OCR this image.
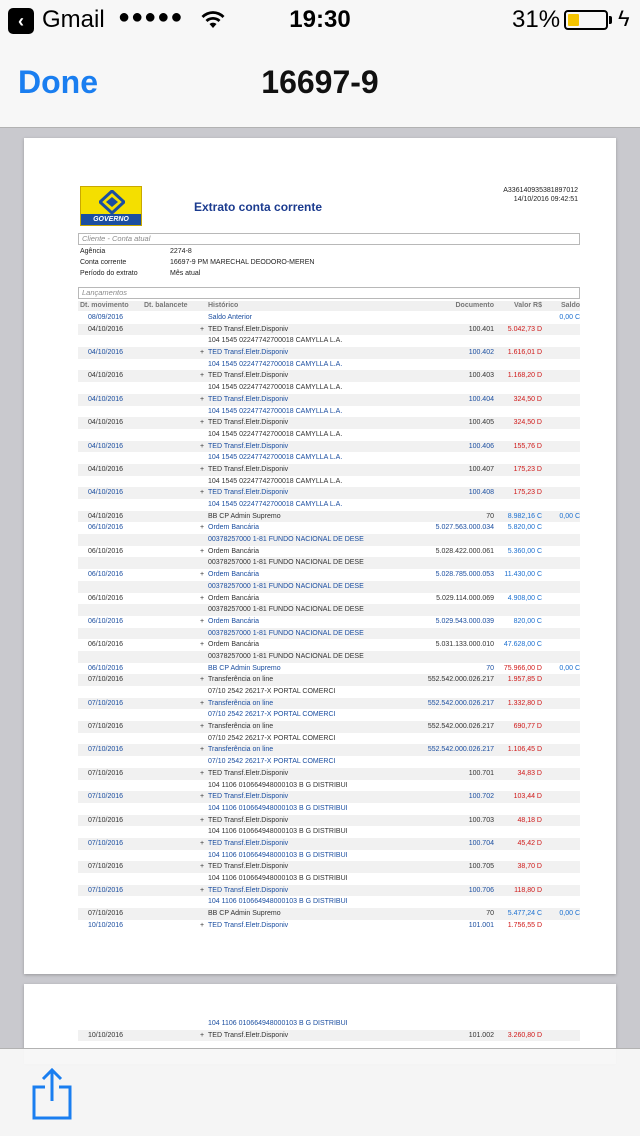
‹ Gmail ●●●●●	19:30	31%	ϟ
Done	16697-9
GOVERNO
Extrato conta corrente
A336140935381897012
14/10/2016 09:42:51
Cliente - Conta atual
Agência	2274-8
Conta corrente	16697-9 PM MARECHAL DEODORO-MEREN
Período do extrato	Mês atual
Lançamentos
Dt. movimento Dt. balancete	Histórico	Documento	Valor R$	Saldo
08/09/2016	Saldo Anterior	0,00 C
04/10/2016	+ TED Transf.Eletr.Disponiv	100.401 5.042,73 D
104 1545 02247742700018 CAMYLLA L.A.
04/10/2016	+ TED Transf.Eletr.Disponiv	100.402 1.616,01 D
104 1545 02247742700018 CAMYLLA L.A.
04/10/2016	+ TED Transf.Eletr.Disponiv	100.403 1.168,20 D
104 1545 02247742700018 CAMYLLA L.A.
04/10/2016	+ TED Transf.Eletr.Disponiv	100.404	324,50 D
104 1545 02247742700018 CAMYLLA L.A.
04/10/2016	+ TED Transf.Eletr.Disponiv	100.405	324,50 D
104 1545 02247742700018 CAMYLLA L.A.
04/10/2016	+ TED Transf.Eletr.Disponiv	100.406	155,76 D
104 1545 02247742700018 CAMYLLA L.A.
04/10/2016	+ TED Transf.Eletr.Disponiv	100.407	175,23 D
104 1545 02247742700018 CAMYLLA L.A.
04/10/2016	+ TED Transf.Eletr.Disponiv	100.408	175,23 D
104 1545 02247742700018 CAMYLLA L.A.
04/10/2016	BB CP Admin Supremo	70 8.982,16 C 0,00 C
06/10/2016	+ Ordem Bancária	5.027.563.000.034 5.820,00 C
00378257000 1-81 FUNDO NACIONAL DE DESE
06/10/2016	+ Ordem Bancária	5.028.422.000.061 5.360,00 C
00378257000 1-81 FUNDO NACIONAL DE DESE
06/10/2016	+ Ordem Bancária	5.028.785.000.053 11.430,00 C
00378257000 1-81 FUNDO NACIONAL DE DESE
06/10/2016	+ Ordem Bancária	5.029.114.000.069 4.908,00 C
00378257000 1-81 FUNDO NACIONAL DE DESE
06/10/2016	+ Ordem Bancária	5.029.543.000.039	820,00 C
00378257000 1-81 FUNDO NACIONAL DE DESE
06/10/2016	+ Ordem Bancária	5.031.133.000.010 47.628,00 C
00378257000 1-81 FUNDO NACIONAL DE DESE
06/10/2016	BB CP Admin Supremo	70 75.966,00 D 0,00 C
07/10/2016	+ Transferência on line	552.542.000.026.217 1.957,85 D
07/10 2542 26217-X PORTAL COMERCI
07/10/2016	+ Transferência on line	552.542.000.026.217 1.332,80 D
07/10 2542 26217-X PORTAL COMERCI
07/10/2016	+ Transferência on line	552.542.000.026.217	690,77 D
07/10 2542 26217-X PORTAL COMERCI
07/10/2016	+ Transferência on line	552.542.000.026.217 1.106,45 D
07/10 2542 26217-X PORTAL COMERCI
07/10/2016	+ TED Transf.Eletr.Disponiv	100.701	34,83 D
104 1106 010664948000103 B G DISTRIBUI
07/10/2016	+ TED Transf.Eletr.Disponiv	100.702	103,44 D
104 1106 010664948000103 B G DISTRIBUI
07/10/2016	+ TED Transf.Eletr.Disponiv	100.703	48,18 D
104 1106 010664948000103 B G DISTRIBUI
07/10/2016	+ TED Transf.Eletr.Disponiv	100.704	45,42 D
104 1106 010664948000103 B G DISTRIBUI
07/10/2016	+ TED Transf.Eletr.Disponiv	100.705	38,70 D
104 1106 010664948000103 B G DISTRIBUI
07/10/2016	+ TED Transf.Eletr.Disponiv	100.706	118,80 D
104 1106 010664948000103 B G DISTRIBUI
07/10/2016	BB CP Admin Supremo	70 5.477,24 C 0,00 C
10/10/2016	+ TED Transf.Eletr.Disponiv	101.001 1.756,55 D
104 1106 010664948000103 B G DISTRIBUI
10/10/2016	+ TED Transf.Eletr.Disponiv	101.002 3.260,80 D
